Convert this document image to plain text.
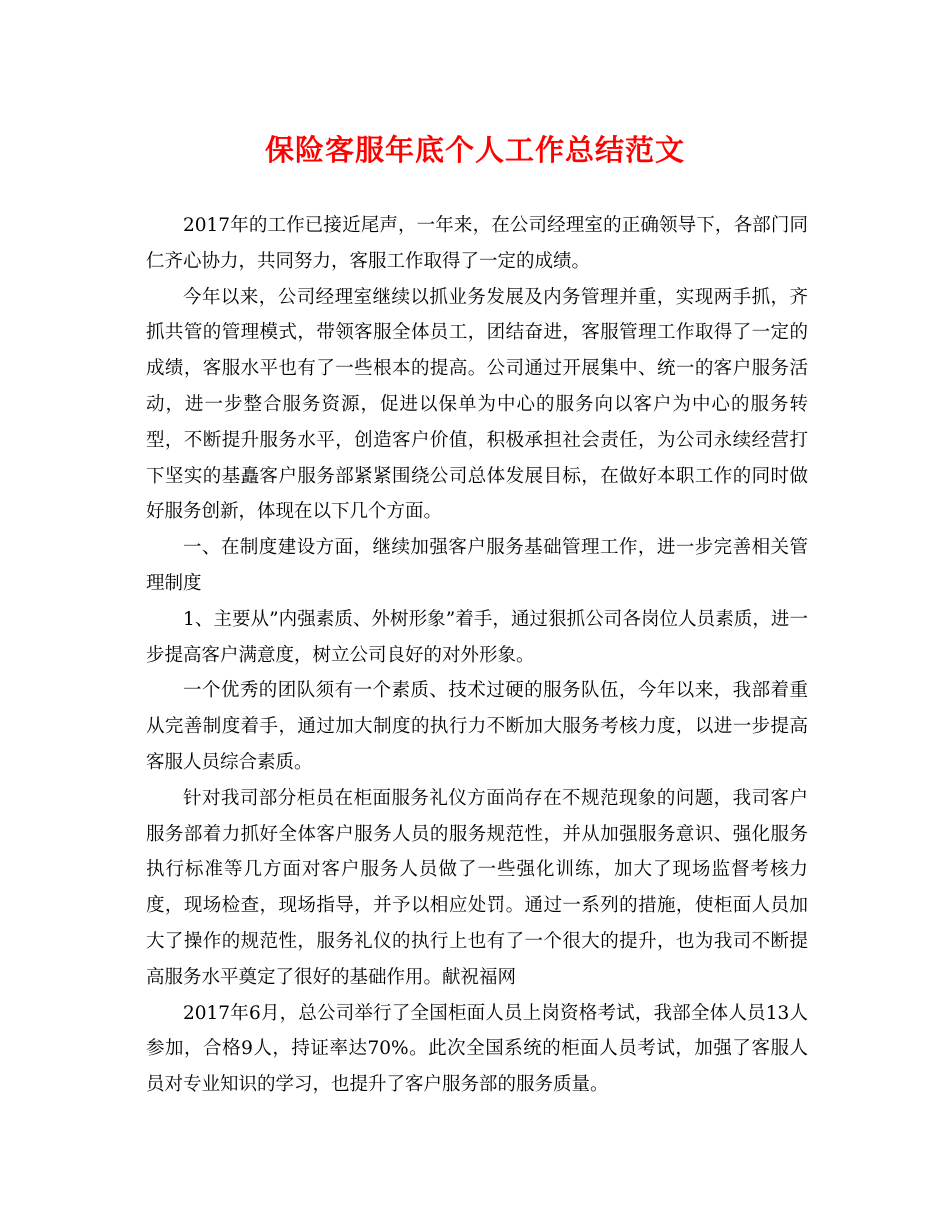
保险客服年底个人工作总结范文

2017年的工作已接近尾声，一年来，在公司经理室的正确领导下，各部门同仁齐心协力，共同努力，客服工作取得了一定的成绩。

今年以来，公司经理室继续以抓业务发展及内务管理并重，实现两手抓，齐抓共管的管理模式，带领客服全体员工，团结奋进，客服管理工作取得了一定的成绩，客服水平也有了一些根本的提高。公司通过开展集中、统一的客户服务活动，进一步整合服务资源，促进以保单为中心的服务向以客户为中心的服务转型，不断提升服务水平，创造客户价值，积极承担社会责任，为公司永续经营打下坚实的基矗客户服务部紧紧围绕公司总体发展目标，在做好本职工作的同时做好服务创新，体现在以下几个方面。

一、在制度建设方面，继续加强客户服务基础管理工作，进一步完善相关管理制度

1、主要从”内强素质、外树形象”着手，通过狠抓公司各岗位人员素质，进一步提高客户满意度，树立公司良好的对外形象。

一个优秀的团队须有一个素质、技术过硬的服务队伍，今年以来，我部着重从完善制度着手，通过加大制度的执行力不断加大服务考核力度，以进一步提高客服人员综合素质。

针对我司部分柜员在柜面服务礼仪方面尚存在不规范现象的问题，我司客户服务部着力抓好全体客户服务人员的服务规范性，并从加强服务意识、强化服务执行标准等几方面对客户服务人员做了一些强化训练，加大了现场监督考核力度，现场检查，现场指导，并予以相应处罚。通过一系列的措施，使柜面人员加大了操作的规范性，服务礼仪的执行上也有了一个很大的提升，也为我司不断提高服务水平奠定了很好的基础作用。献祝福网

2017年6月，总公司举行了全国柜面人员上岗资格考试，我部全体人员13人参加，合格9人，持证率达70%。此次全国系统的柜面人员考试，加强了客服人员对专业知识的学习，也提升了客户服务部的服务质量。
